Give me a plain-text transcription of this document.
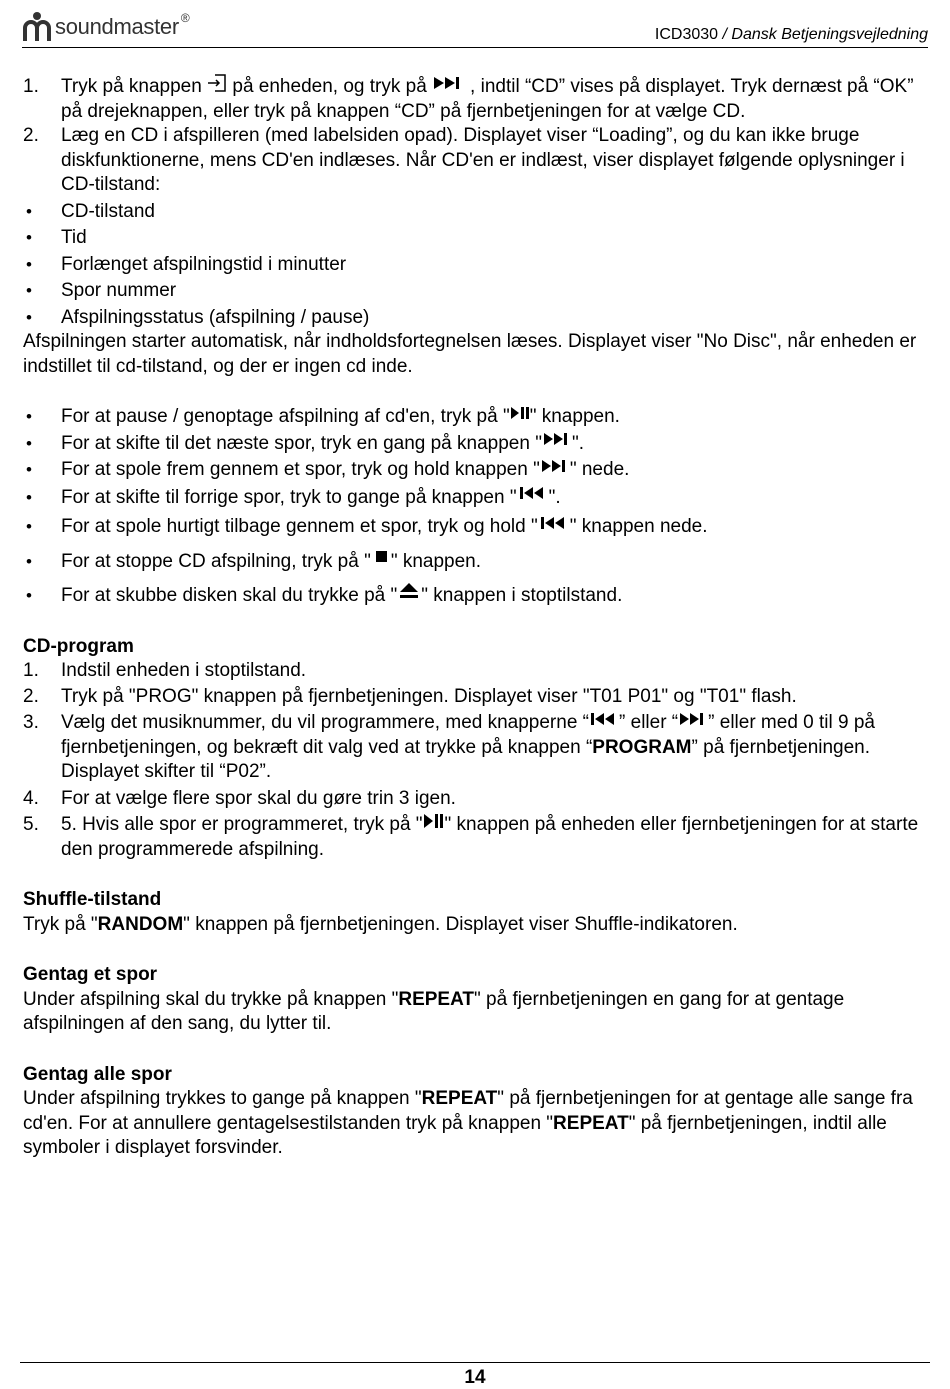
soundmaster ®
ICD3030 / Dansk Betjeningsvejledning
1. Tryk på knappen  på enheden, og tryk på , indtil “CD” vises på displayet. Tryk dernæst på “OK” på drejeknappen, eller tryk på knappen “CD” på fjernbetjeningen for at vælge CD.
2. Læg en CD i afspilleren (med labelsiden opad). Displayet viser “Loading”, og du kan ikke bruge diskfunktionerne, mens CD'en indlæses. Når CD'en er indlæst, viser displayet følgende oplysninger i CD-tilstand:
• CD-tilstand
• Tid
• Forlænget afspilningstid i minutter
• Spor nummer
• Afspilningsstatus (afspilning / pause)

Afspilningen starter automatisk, når indholdsfortegnelsen læses. Displayet viser "No Disc", når enheden er indstillet til cd-tilstand, og der er ingen cd inde.

• For at pause / genoptage afspilning af cd'en, tryk på " " knappen.
• For at skifte til det næste spor, tryk en gang på knappen " ".
• For at spole frem gennem et spor, tryk og hold knappen " " nede.
• For at skifte til forrige spor, tryk to gange på knappen " ".
• For at spole hurtigt tilbage gennem et spor, tryk og hold " " knappen nede.
• For at stoppe CD afspilning, tryk på " " knappen.
• For at skubbe disken skal du trykke på " " knappen i stoptilstand.
CD-program
1. Indstil enheden i stoptilstand.
2. Tryk på "PROG" knappen på fjernbetjeningen. Displayet viser "T01 P01" og "T01" flash.
3. Vælg det musiknummer, du vil programmere, med knapperne “ ” eller “ ” eller med 0 til 9 på fjernbetjeningen, og bekræft dit valg ved at trykke på knappen “PROGRAM” på fjernbetjeningen. Displayet skifter til “P02”.
4. For at vælge flere spor skal du gøre trin 3 igen.
5. 5. Hvis alle spor er programmeret, tryk på " " knappen på enheden eller fjernbetjeningen for at starte den programmerede afspilning.
Shuffle-tilstand

Tryk på "RANDOM" knappen på fjernbetjeningen. Displayet viser Shuffle-indikatoren.

Gentag et spor

Under afspilning skal du trykke på knappen "REPEAT" på fjernbetjeningen en gang for at gentage afspilningen af den sang, du lytter til.

Gentag alle spor

Under afspilning trykkes to gange på knappen "REPEAT" på fjernbetjeningen for at gentage alle sange fra cd'en. For at annullere gentagelsestilstanden tryk på knappen "REPEAT" på fjernbetjeningen, indtil alle symboler i displayet forsvinder.

14
